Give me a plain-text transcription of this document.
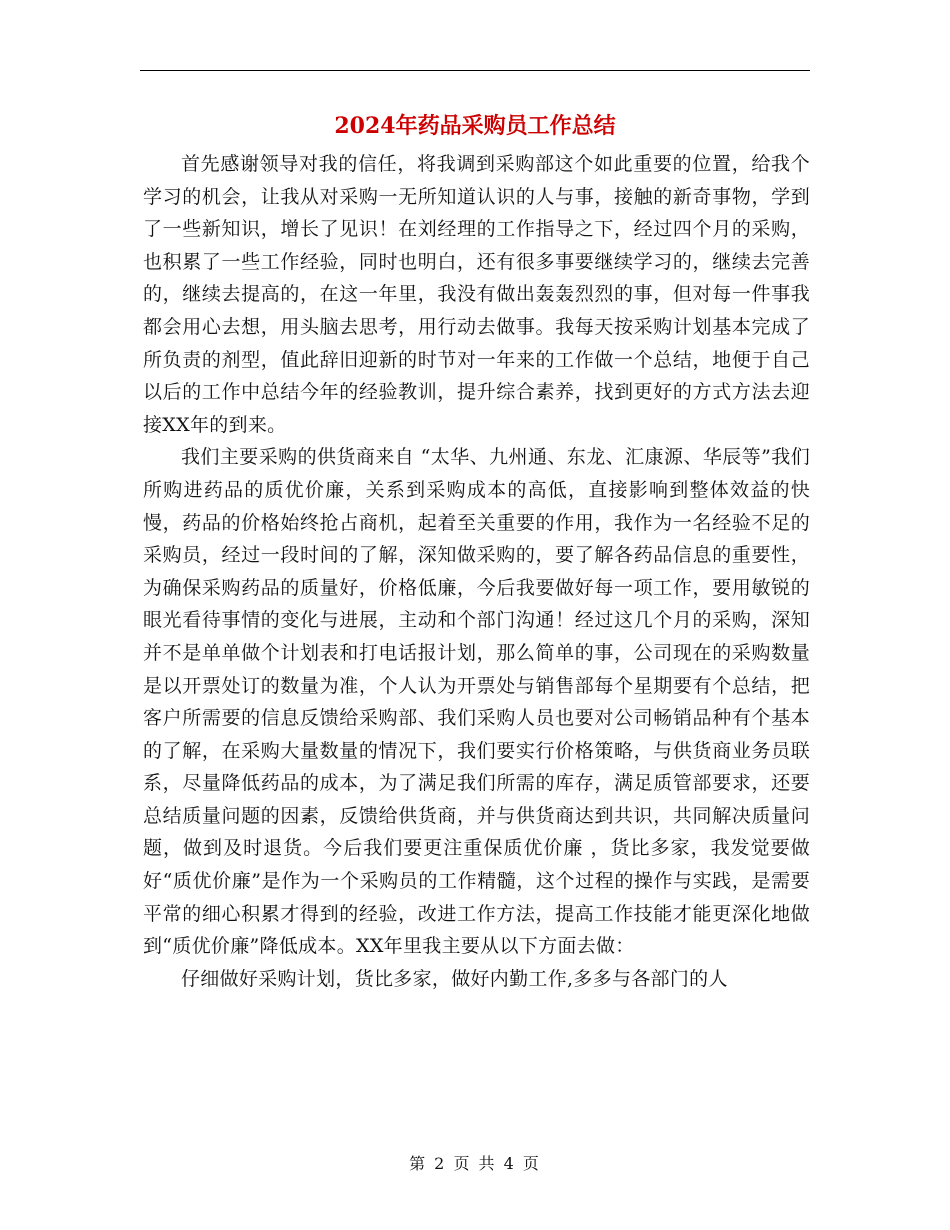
2024年药品采购员工作总结

首先感谢领导对我的信任，将我调到采购部这个如此重要的位置，给我个学习的机会，让我从对采购一无所知道认识的人与事，接触的新奇事物，学到了一些新知识，增长了见识！在刘经理的工作指导之下，经过四个月的采购，也积累了一些工作经验，同时也明白，还有很多事要继续学习的，继续去完善的，继续去提高的，在这一年里，我没有做出轰轰烈烈的事，但对每一件事我都会用心去想，用头脑去思考，用行动去做事。我每天按采购计划基本完成了所负责的剂型，值此辞旧迎新的时节对一年来的工作做一个总结，地便于自己以后的工作中总结今年的经验教训，提升综合素养，找到更好的方式方法去迎接XX年的到来。

我们主要采购的供货商来自 “太华、九州通、东龙、汇康源、华辰等”我们所购进药品的质优价廉，关系到采购成本的高低，直接影响到整体效益的快慢，药品的价格始终抢占商机，起着至关重要的作用，我作为一名经验不足的采购员，经过一段时间的了解，深知做采购的，要了解各药品信息的重要性，为确保采购药品的质量好，价格低廉，今后我要做好每一项工作，要用敏锐的眼光看待事情的变化与进展，主动和个部门沟通！经过这几个月的采购，深知并不是单单做个计划表和打电话报计划，那么简单的事，公司现在的采购数量是以开票处订的数量为准，个人认为开票处与销售部每个星期要有个总结，把客户所需要的信息反馈给采购部、我们采购人员也要对公司畅销品种有个基本的了解，在采购大量数量的情况下，我们要实行价格策略，与供货商业务员联系，尽量降低药品的成本，为了满足我们所需的库存，满足质管部要求，还要总结质量问题的因素，反馈给供货商，并与供货商达到共识，共同解决质量问题，做到及时退货。今后我们要更注重保质优价廉 ，货比多家，我发觉要做好“质优价廉”是作为一个采购员的工作精髓，这个过程的操作与实践，是需要平常的细心积累才得到的经验，改进工作方法，提高工作技能才能更深化地做到“质优价廉”降低成本。XX年里我主要从以下方面去做：

仔细做好采购计划，货比多家，做好内勤工作,多多与各部门的人

第 2 页 共 4 页
